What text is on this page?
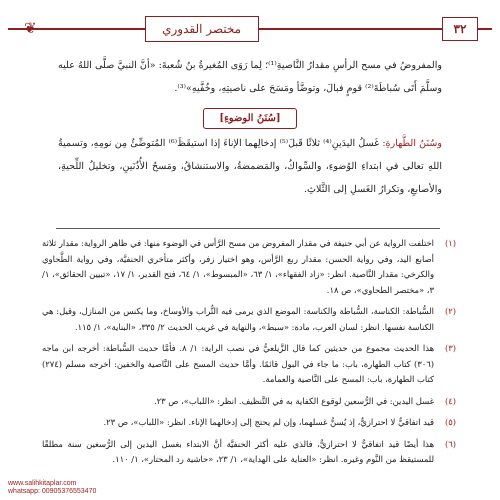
٣٢
مختصر القدوري
❦

والمفروضُ في مسح الرأسِ مقدارُ النَّاصيةِ⁽¹⁾؛ لِما رَوَى المُغيرةُ بنُ شُعبةَ: «أنَّ النبيَّ صلَّى اللهُ عليه وسلَّمَ أَتَى سُباطَةَ⁽²⁾ قومٍ فبالَ، وتوضَّأ ومَسَحَ على ناصيتِهِ، وخُفَّيهِ»⁽³⁾.

[سُنَنُ الوضوءِ]

وسُنَنُ الطَّهارةِ: غَسلُ اليدَينِ⁽⁴⁾ ثلاثًا قَبلَ⁽⁵⁾ إدخالِهما الإناءَ إذا استيقَظَ⁽⁶⁾ المُتوضِّئُ مِن نومِهِ، وتسميةُ اللهِ تعالى في ابتداءِ الوُضوءِ، والسِّواكُ، والمَضمضةُ، والاستنشاقُ، ومَسحُ الأُذُنَينِ، وتخليلُ اللِّحيةِ، والأصابعِ، وتكرارُ الغَسلِ إلى الثَّلاثِ.

(١)
اختلفت الرواية عن أبي حنيفة في مقدار المفروض من مسح الرَّأس في الوضوء منها: في ظاهر الرواية: مقدار ثلاثة أصابع اليد، وفي رواية الحسن: مقدار ربع الرَّأس، وهو اختيار زفر، وأكثر متأخري الحنفيَّة، وفي رواية الطَّحاوي والكرخي: مقدار النَّاصية. انظر: «زاد الفقهاء»، ١/ ٦٣، «المبسوط»، ١/ ٦٤، فتح القدير، ١/ ١٧، «تبيين الحقائق»، ١/ ٣، «مختصر الطحاوي»، ص ١٨.
(٢)
السُّباطة: الكناسة، السُّباطة والكناسة: الموضع الذي يرمى فيه التُّراب والأوساخ، وما يكنس من المنازل، وقيل: هي الكناسة نفسها. انظر: لسان العرب، مادة: «سبط»، والنهاية في غريب الحديث ٢/ ٣٣٥، «البناية»، ١/ ١١٥.
(٣)
هذا الحديث مجموع من حديثين كما قال الزَّيلعيُّ في نصب الراية: ١/ ٨. فأمَّا حديث السُّباطة: أخرجه ابن ماجه (٣٠٦) كتاب الطهارة، باب: ما جاء في البول قائمًا. وأمَّا حديث المسح على النَّاصية والخفين: أخرجه مسلم (٢٧٤) كتاب الطهارة، باب: المسح على النَّاصية والعمامة.
(٤)
غسل اليدين: في الرُّسعين لوقوع الكفاية به في التَّنظيف. انظر: «اللباب»، ص ٢٣.
(٥)
قيد اتفاقيٌّ لا احترازيٌّ، إذ يُسنُّ غسلهما، وإن لم يحتج إلى إدخالهما الإناء. انظر: «اللباب»، ص ٢٣.
(٦)
هذا أيضًا قيد اتفاقيٌّ لا احترازيٌّ، فالذي عليه أكثر الحنفيَّة أنَّ الابتداء بغسل اليدين إلى الرُّسغين سنة مطلقًا للمستيقظ من النَّوم وغيره. انظر: «العناية على الهداية»، ١/ ٢٣، «حاشية رد المحتار»، ١/ ١١٠.
www.salihkitaplar.com
whatsapp: 00905376553470
